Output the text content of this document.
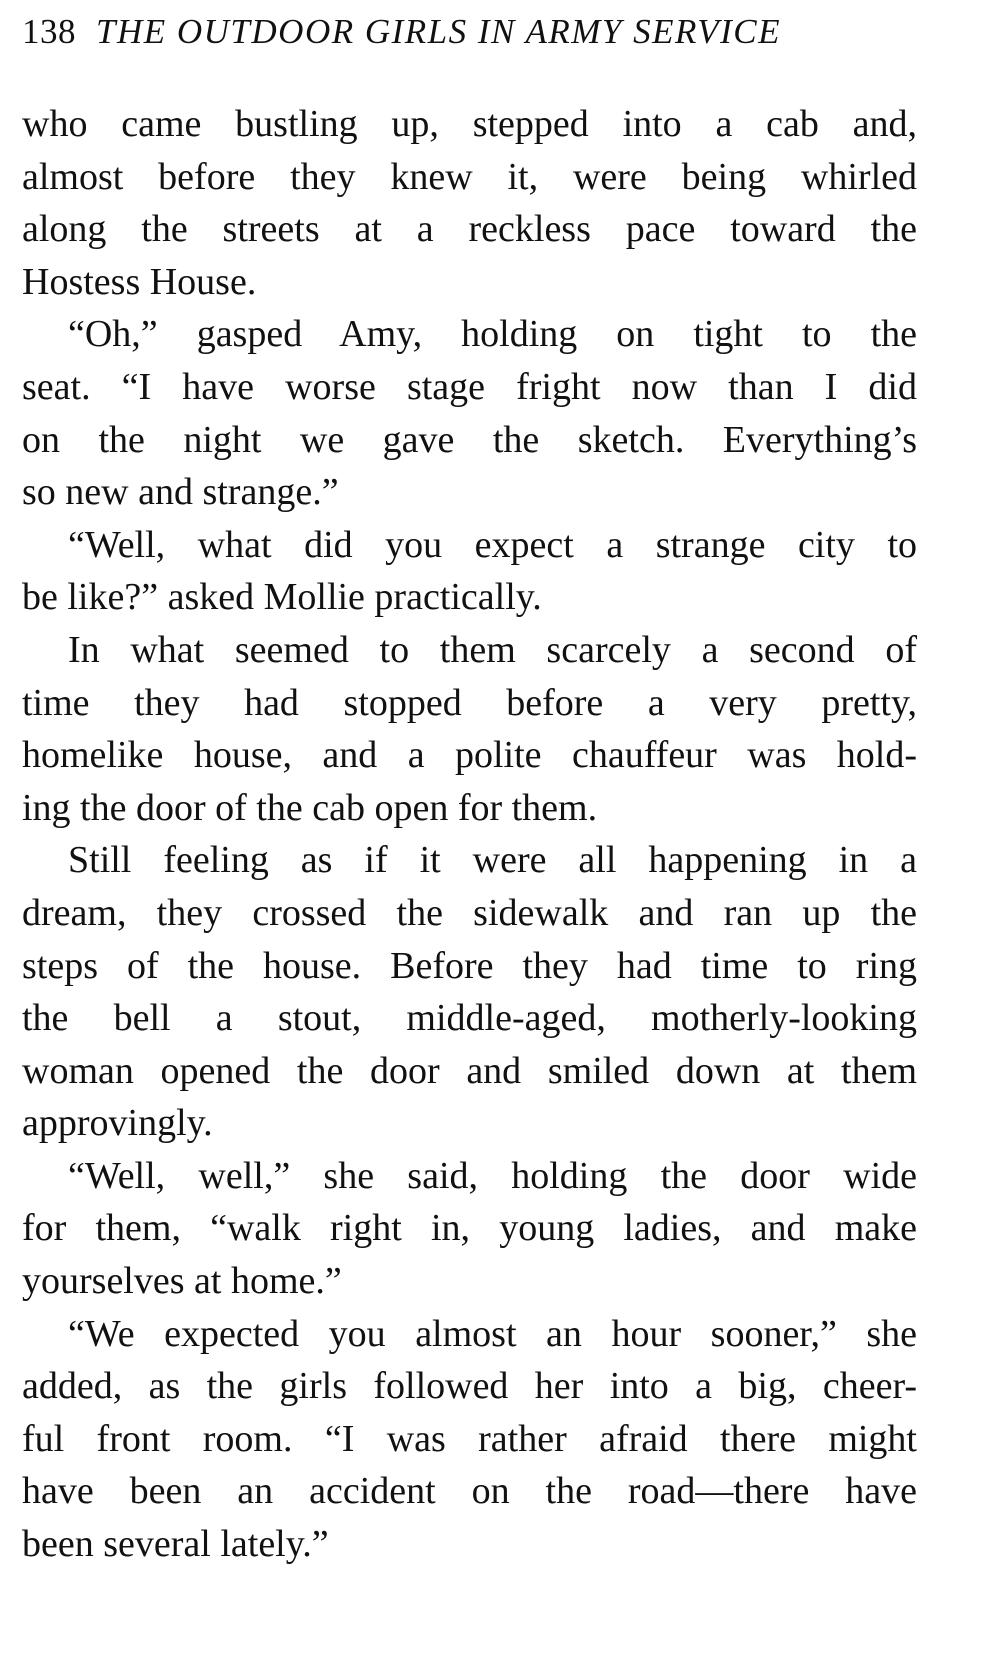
138 THE OUTDOOR GIRLS IN ARMY SERVICE
who came bustling up, stepped into a cab and,
almost before they knew it, were being whirled
along the streets at a reckless pace toward the
Hostess House.
“Oh,” gasped Amy, holding on tight to the
seat. “I have worse stage fright now than I did
on the night we gave the sketch. Everything’s
so new and strange.”
“Well, what did you expect a strange city to
be like?” asked Mollie practically.
In what seemed to them scarcely a second of
time they had stopped before a very pretty,
homelike house, and a polite chauffeur was hold-
ing the door of the cab open for them.
Still feeling as if it were all happening in a
dream, they crossed the sidewalk and ran up the
steps of the house. Before they had time to ring
the bell a stout, middle-aged, motherly-looking
woman opened the door and smiled down at them
approvingly.
“Well, well,” she said, holding the door wide
for them, “walk right in, young ladies, and make
yourselves at home.”
“We expected you almost an hour sooner,” she
added, as the girls followed her into a big, cheer-
ful front room. “I was rather afraid there might
have been an accident on the road—there have
been several lately.”
